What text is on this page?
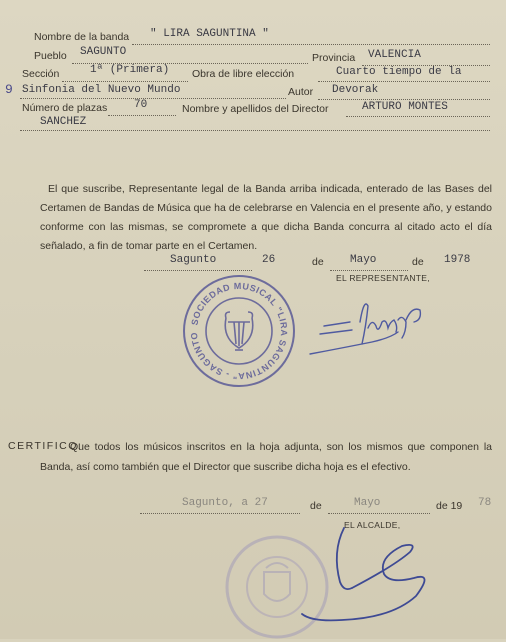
Nombre de la banda " LIRA SAGUNTINA "
Pueblo SAGUNTO	Provincia VALENCIA
Sección	1ª (Primera) Obra de libre elección	Cuarto tiempo de la
9 Sinfonia del Nuevo Mundo	Autor Devorak
Número de plazas 70	Nombre y apellidos del Director	ARTURO MONTES
SANCHEZ
El que suscribe, Representante legal de la Banda arriba indicada, enterado de las Bases del Certamen de Bandas de Música que ha de celebrarse en Valencia en el presente año, y estando conforme con las mismas, se compromete a que dicha Banda concurra al citado acto el día señalado, a fin de tomar parte en el Certamen.
Sagunto	26	de Mayo	de 1978
EL REPRESENTANTE,
SOCIEDAD MUSICAL "LIRA SAGUNTINA" - SAGUNTO
CERTIFICO:
Que todos los músicos inscritos en la hoja adjunta, son los mismos que componen la Banda, así como también que el Director que suscribe dicha hoja es el efectivo.
Sagunto, a 27	de	Mayo	de 19 78
EL ALCALDE,
